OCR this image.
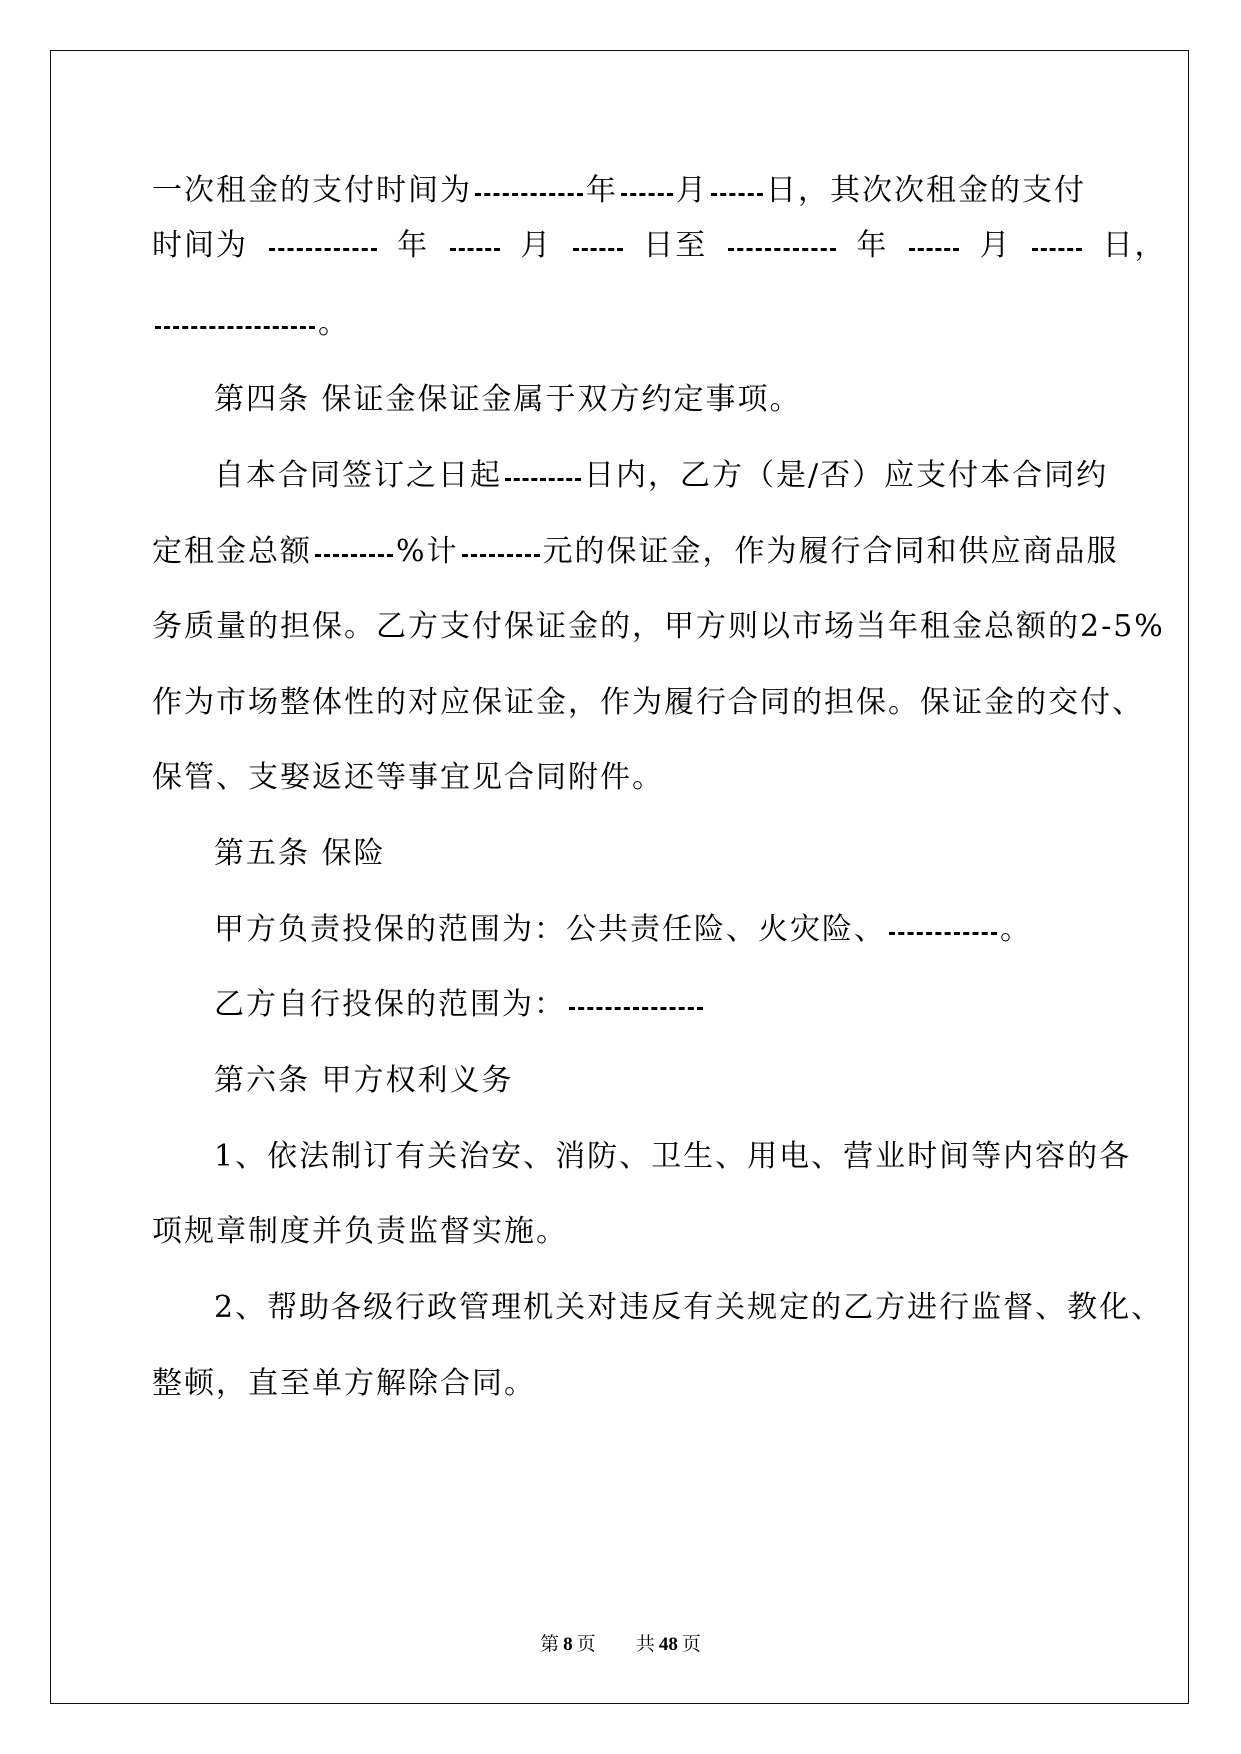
一次租金的支付时间为	年 月 日，其次次租金的支付
时间为	年	月	日至	年	月	日，
。
第四条 保证金保证金属于双方约定事项。
自本合同签订之日起	日内，乙方（是/否）应支付本合同约
定租金总额	%计	元的保证金，作为履行合同和供应商品服
务质量的担保。乙方支付保证金的，甲方则以市场当年租金总额的2-5%
作为市场整体性的对应保证金，作为履行合同的担保。保证金的交付、
保管、支娶返还等事宜见合同附件。
第五条 保险
甲方负责投保的范围为：公共责任险、火灾险、	。
乙方自行投保的范围为：
第六条 甲方权利义务
1、依法制订有关治安、消防、卫生、用电、营业时间等内容的各
项规章制度并负责监督实施。
2、帮助各级行政管理机关对违反有关规定的乙方进行监督、教化、
整顿，直至单方解除合同。
第 8 页 共 48 页
